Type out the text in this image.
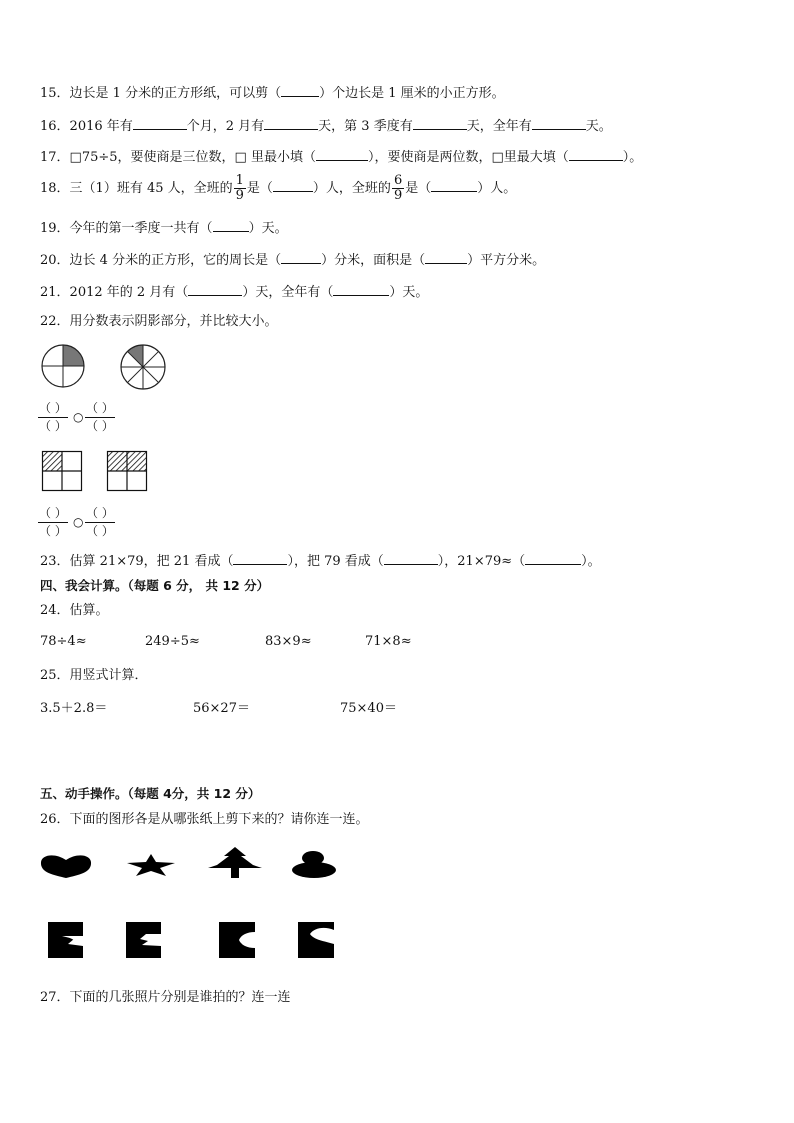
15．边长是 1 分米的正方形纸，可以剪（	）个边长是 1 厘米的小正方形。
16．2016 年有	个月，2 月有	天，第 3 季度有	天，全年有	天。
17．□75÷5，要使商是三位数，□ 里最小填（	），要使商是两位数，□里最大填（	）。
18．三（1）班有 45 人，全班的 $\frac{1}{9}$ 是（	）人，全班的 $\frac{6}{9}$ 是（	）人。
19．今年的第一季度一共有（	）天。
20．边长 4 分米的正方形，它的周长是（	）分米，面积是（	）平方分米。
21．2012 年的 2 月有（	）天，全年有（	）天。
22．用分数表示阴影部分，并比较大小。
（ ）
（ ）
○
（ ）
（ ）
（ ）
（ ）
○
（ ）
（ ）
23．估算 21×79，把 21 看成（	），把 79 看成（	），21×79≈（	）。
四、我会计算。（每题 6 分， 共 12 分）
24．估算。
78÷4≈	249÷5≈	83×9≈	71×8≈
25．用竖式计算．
3.5＋2.8＝	56×27＝	75×40＝
五、动手操作。（每题 4分，共 12 分）
26．下面的图形各是从哪张纸上剪下来的？请你连一连。
27．下面的几张照片分别是谁拍的？连一连
